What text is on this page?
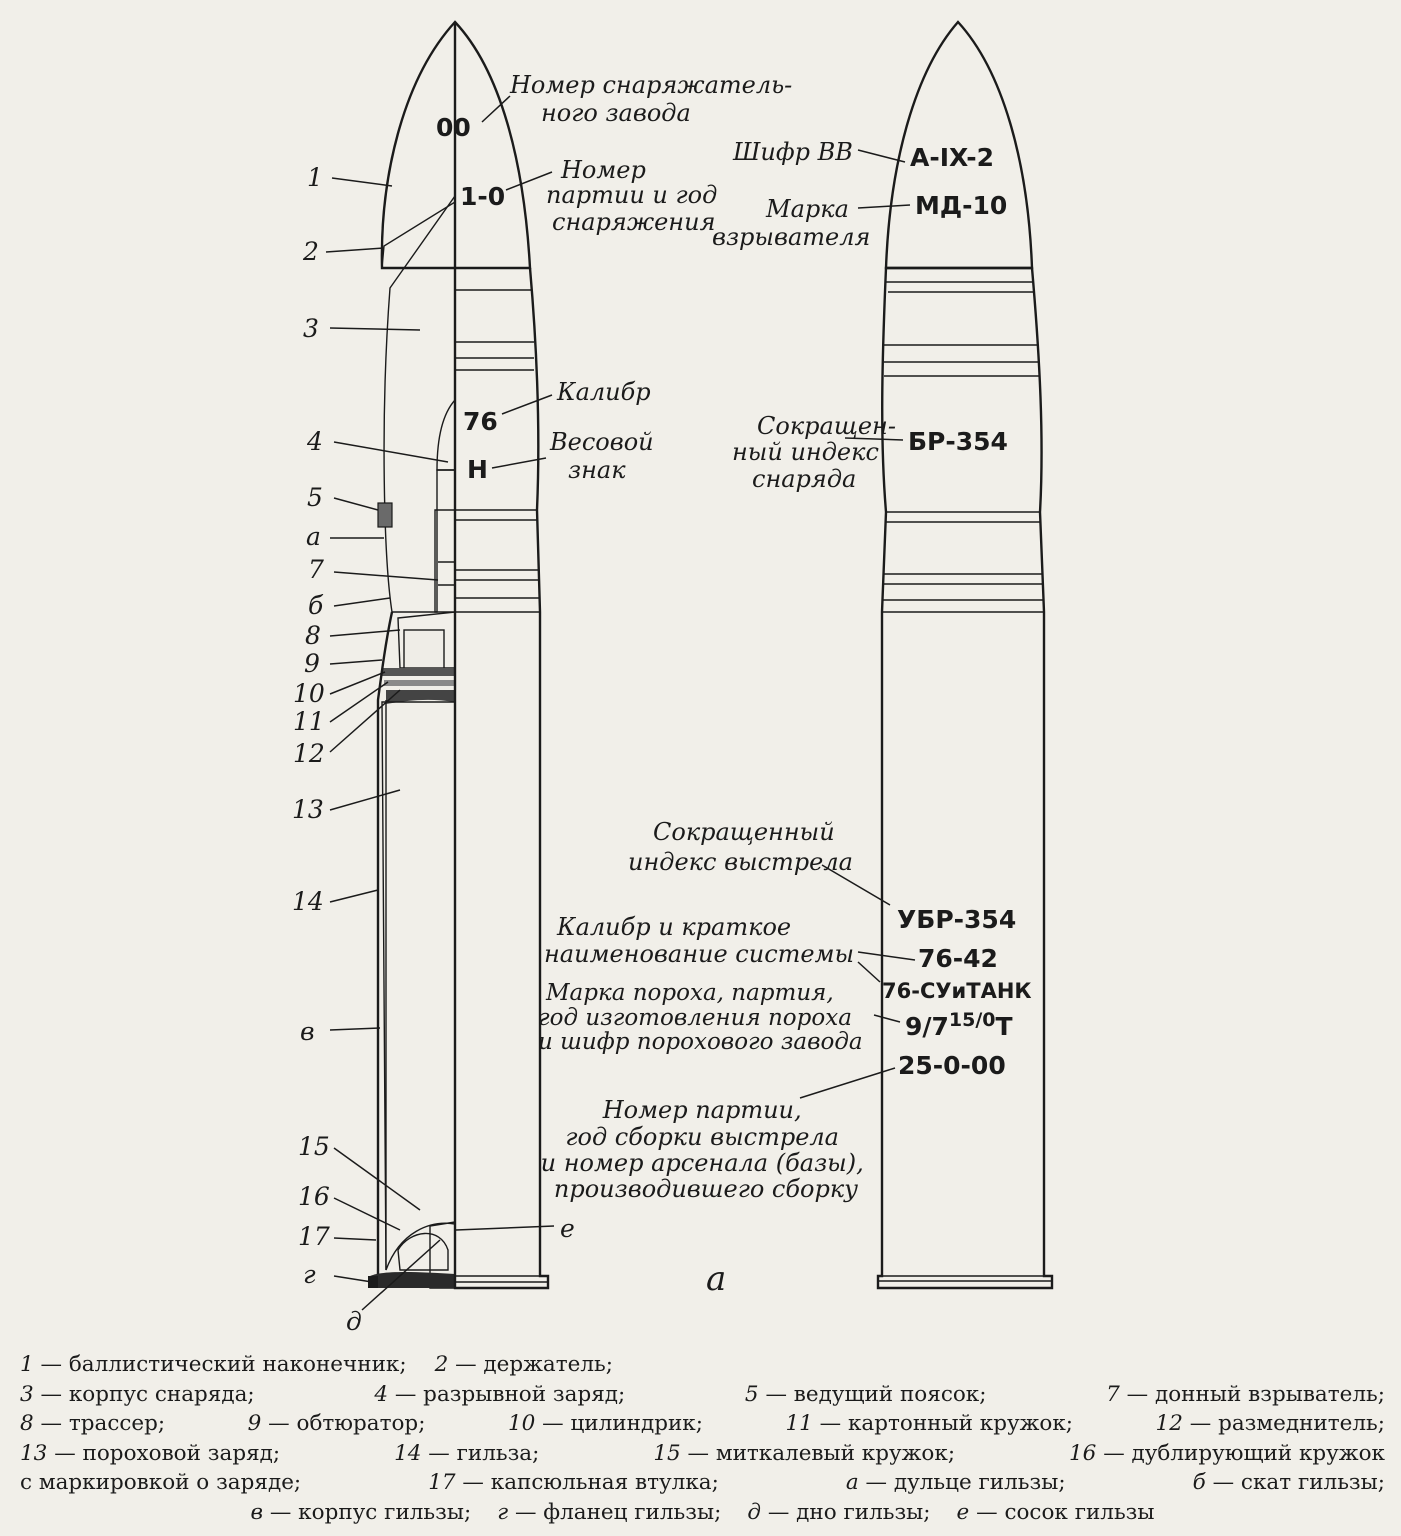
00
1-0
76
Н
А-IX-2
МД-10
БР-354
УБР-354
76-42
76-СУиТАНК
$9/7^{15/0}Т$
25-0-00
Номер снаряжатель- ного завода
Номер партии и год снаряжения
Калибр
Весовой знак
Шифр ВВ
Марка взрывателя
Сокращен- ный индекс снаряда
Сокращенный индекс выстрела
Калибр и краткое наименование системы
Марка пороха, партия, год изготовления пороха и шифр порохового завода
Номер партии, год сборки выстрела и номер арсенала (базы), производившего сборку
1
2
3
4
5
а
7
б
8
9
10
11
12
13
14
в
15
16
17
г
д
е
а
1 — баллистический наконечник; 2 — держатель;
3 — корпус снаряда;	4 — разрывной заряд;	5 — ведущий поясок;	7 — донный взрыватель;
8 — трассер;	9 — обтюратор;	10 — цилиндрик;	11 — картонный кружок;	12 — размеднитель;
13 — пороховой заряд;	14 — гильза;	15 — миткалевый кружок;	16 — дублирующий кружок
с маркировкой о заряде;	17 — капсюльная втулка;	а — дульце гильзы;	б — скат гильзы;
в — корпус гильзы; г — фланец гильзы; д — дно гильзы; е — сосок гильзы
